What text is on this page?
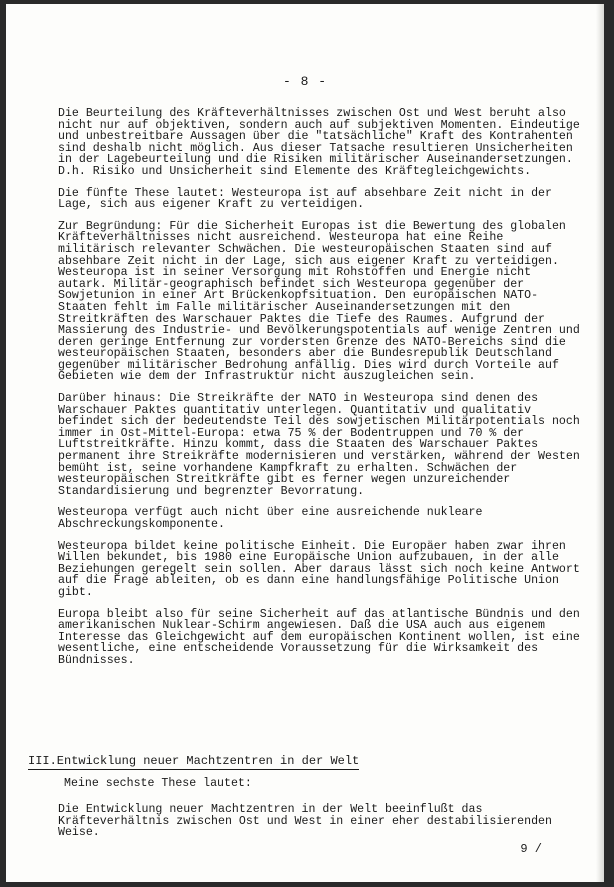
- 8 -

Die Beurteilung des Kräfteverhältnisses zwischen Ost und West beruht also nicht nur auf objektiven, sondern auch auf subjektiven Momenten. Eindeutige und unbestreitbare Aussagen über die "tatsächliche" Kraft des Kontrahenten sind deshalb nicht möglich. Aus dieser Tatsache resultieren Unsicherheiten in der Lagebeurteilung und die Risiken militärischer Auseinandersetzungen. D.h. Risiko und Unsicherheit sind Elemente des Kräftegleichgewichts.

Die fünfte These lautet: Westeuropa ist auf absehbare Zeit nicht in der Lage, sich aus eigener Kraft zu verteidigen.

Zur Begründung: Für die Sicherheit Europas ist die Bewertung des globalen Kräfteverhältnisses nicht ausreichend. Westeuropa hat eine Reihe militärisch relevanter Schwächen. Die westeuropäischen Staaten sind auf absehbare Zeit nicht in der Lage, sich aus eigener Kraft zu verteidigen. Westeuropa ist in seiner Versorgung mit Rohstoffen und Energie nicht autark. Militär-geographisch befindet sich Westeuropa gegenüber der Sowjetunion in einer Art Brückenkopfsituation. Den europäischen NATO-Staaten fehlt im Falle militärischer Auseinandersetzungen mit den Streitkräften des Warschauer Paktes die Tiefe des Raumes. Aufgrund der Massierung des Industrie- und Bevölkerungspotentials auf wenige Zentren und deren geringe Entfernung zur vordersten Grenze des NATO-Bereichs sind die westeuropäischen Staaten, besonders aber die Bundesrepublik Deutschland gegenüber militärischer Bedrohung anfällig. Dies wird durch Vorteile auf Gebieten wie dem der Infrastruktur nicht auszugleichen sein.

Darüber hinaus: Die Streikräfte der NATO in Westeuropa sind denen des Warschauer Paktes quantitativ unterlegen. Quantitativ und qualitativ befindet sich der bedeutendste Teil des sowjetischen Militärpotentials noch immer in Ost-Mittel-Europa: etwa 75 % der Bodentruppen und 70 % der Luftstreitkräfte. Hinzu kommt, dass die Staaten des Warschauer Paktes permanent ihre Streikräfte modernisieren und verstärken, während der Westen bemüht ist, seine vorhandene Kampfkraft zu erhalten. Schwächen der westeuropäischen Streitkräfte gibt es ferner wegen unzureichender Standardisierung und begrenzter Bevorratung.

Westeuropa verfügt auch nicht über eine ausreichende nukleare Abschreckungskomponente.

Westeuropa bildet keine politische Einheit. Die Europäer haben zwar ihren Willen bekundet, bis 1980 eine Europäische Union aufzubauen, in der alle Beziehungen geregelt sein sollen. Aber daraus lässt sich noch keine Antwort auf die Frage ableiten, ob es dann eine handlungsfähige Politische Union gibt.

Europa bleibt also für seine Sicherheit auf das atlantische Bündnis und den amerikanischen Nuklear-Schirm angewiesen. Daß die USA auch aus eigenem Interesse das Gleichgewicht auf dem europäischen Kontinent wollen, ist eine wesentliche, eine entscheidende Voraussetzung für die Wirksamkeit des Bündnisses.

III.Entwicklung neuer Machtzentren in der Welt

Meine sechste These lautet:

Die Entwicklung neuer Machtzentren in der Welt beeinflußt das Kräfteverhältnis zwischen Ost und West in einer eher destabilisierenden Weise.

9 /
